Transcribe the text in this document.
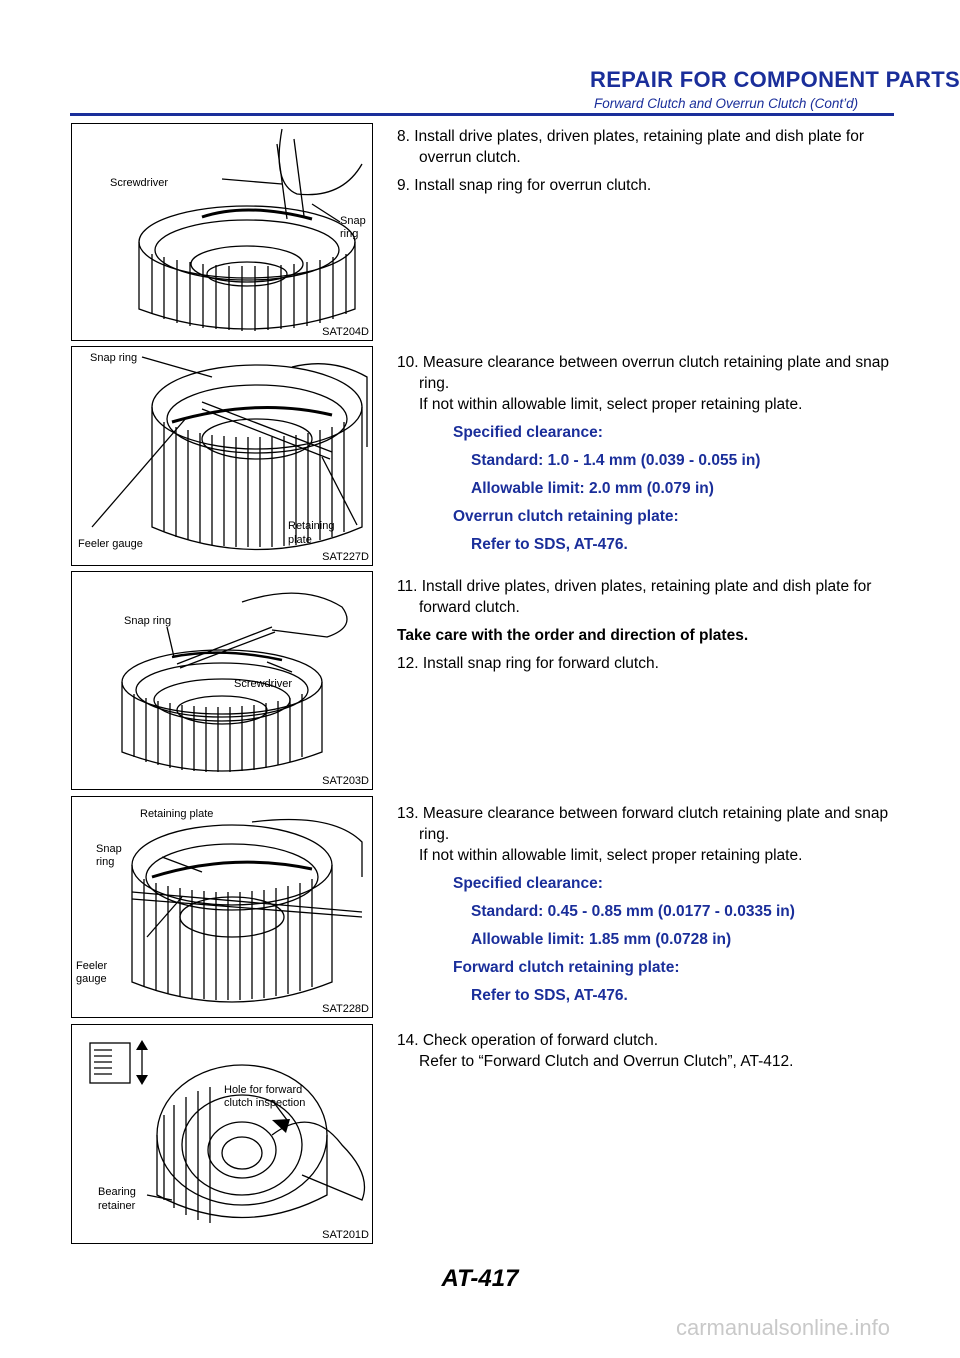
REPAIR FOR COMPONENT PARTS
Forward Clutch and Overrun Clutch (Cont’d)
Screwdriver
Snap
ring
SAT204D
Snap ring
Retaining
plate
Feeler gauge
SAT227D
Snap ring
Screwdriver
SAT203D
Retaining plate
Snap
ring
Feeler
gauge
SAT228D
Hole for forward
clutch inspection
Bearing
retainer
SAT201D

8. Install drive plates, driven plates, retaining plate and dish plate for overrun clutch.

9. Install snap ring for overrun clutch.

10. Measure clearance between overrun clutch retaining plate and snap ring.

If not within allowable limit, select proper retaining plate.

Specified clearance:

Standard: 1.0 - 1.4 mm (0.039 - 0.055 in)

Allowable limit: 2.0 mm (0.079 in)

Overrun clutch retaining plate:

Refer to SDS, AT-476.

11. Install drive plates, driven plates, retaining plate and dish plate for forward clutch.

Take care with the order and direction of plates.

12. Install snap ring for forward clutch.

13. Measure clearance between forward clutch retaining plate and snap ring.

If not within allowable limit, select proper retaining plate.

Specified clearance:

Standard: 0.45 - 0.85 mm (0.0177 - 0.0335 in)

Allowable limit: 1.85 mm (0.0728 in)

Forward clutch retaining plate:

Refer to SDS, AT-476.

14. Check operation of forward clutch.

Refer to “Forward Clutch and Overrun Clutch”, AT-412.

AT-417
carmanualsonline.info
